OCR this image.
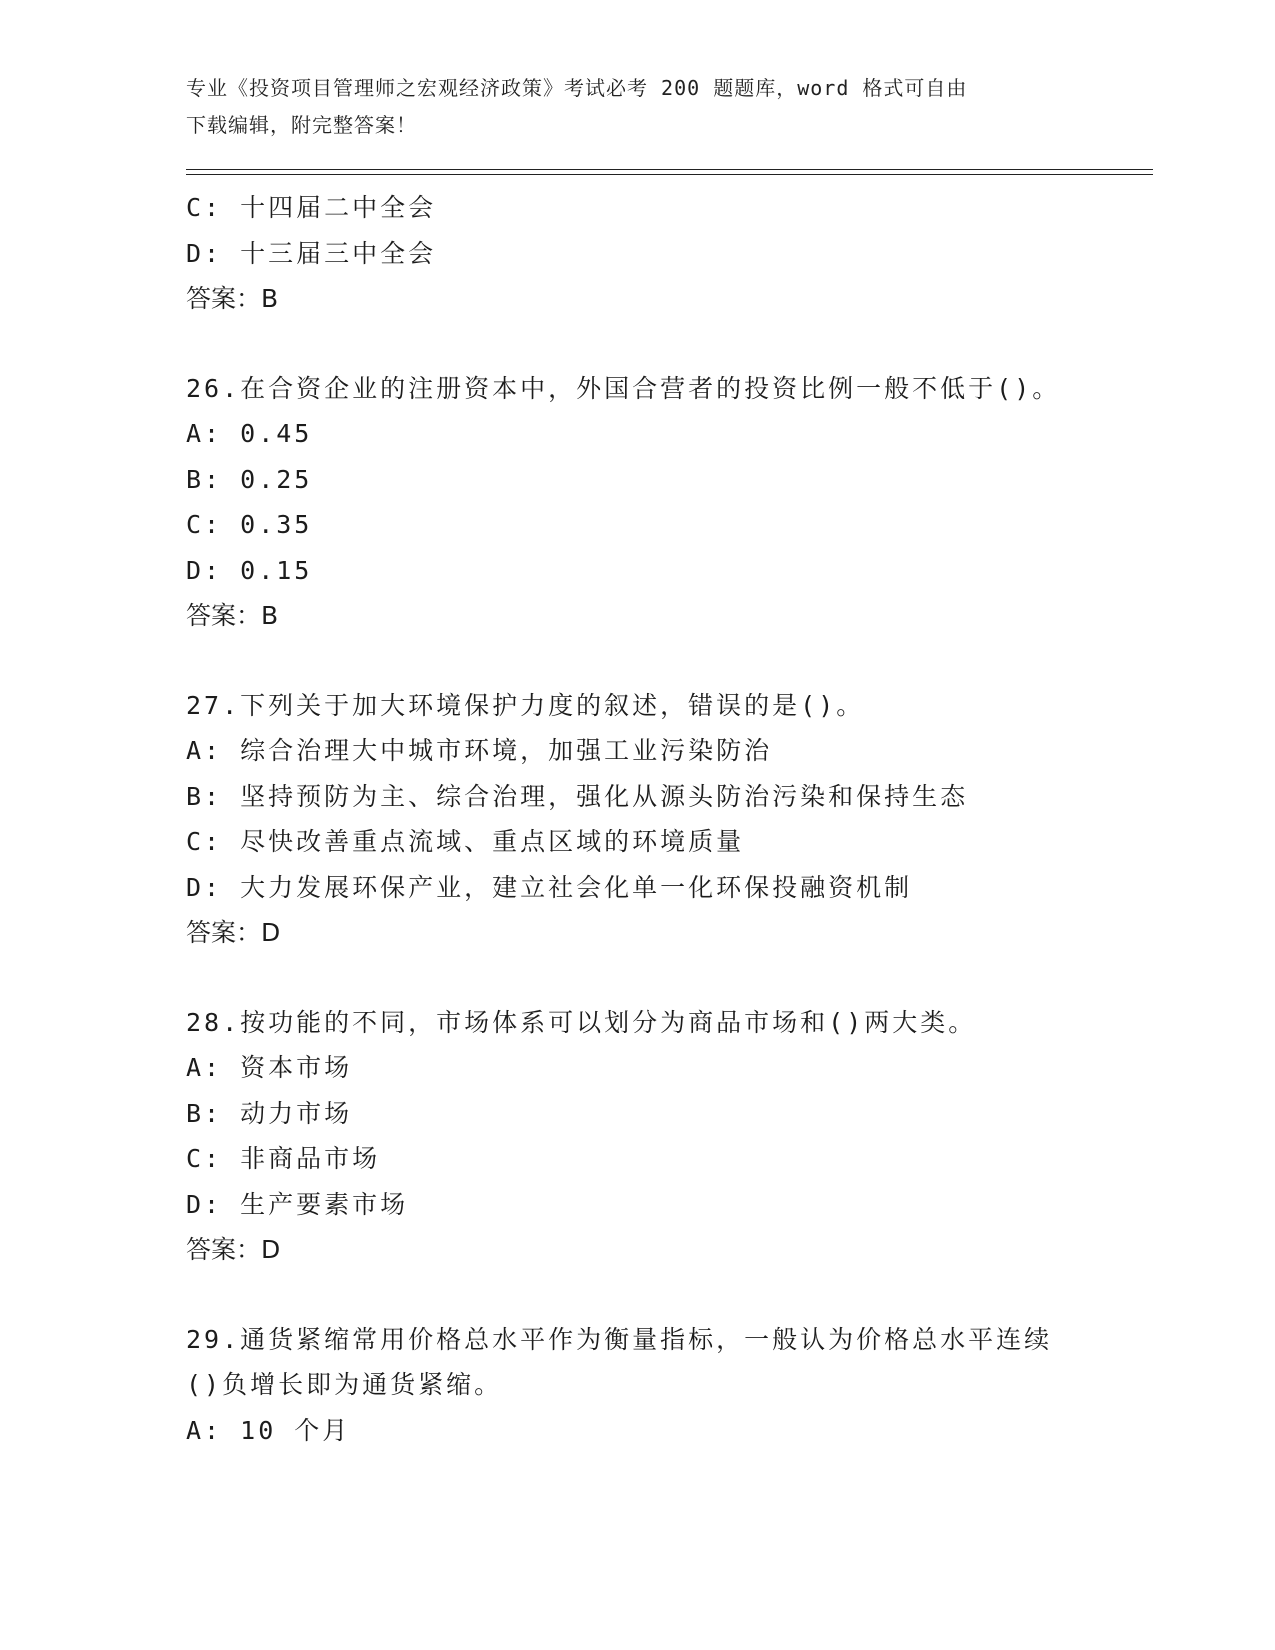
专业《投资项目管理师之宏观经济政策》考试必考 200 题题库，word 格式可自由
下载编辑，附完整答案！
C: 十四届二中全会
D: 十三届三中全会
答案：B
26.在合资企业的注册资本中，外国合营者的投资比例一般不低于()。
A: 0.45
B: 0.25
C: 0.35
D: 0.15
答案：B
27.下列关于加大环境保护力度的叙述，错误的是()。
A: 综合治理大中城市环境，加强工业污染防治
B: 坚持预防为主、综合治理，强化从源头防治污染和保持生态
C: 尽快改善重点流域、重点区域的环境质量
D: 大力发展环保产业，建立社会化单一化环保投融资机制
答案：D
28.按功能的不同，市场体系可以划分为商品市场和()两大类。
A: 资本市场
B: 动力市场
C: 非商品市场
D: 生产要素市场
答案：D
29.通货紧缩常用价格总水平作为衡量指标，一般认为价格总水平连续
()负增长即为通货紧缩。
A: 10 个月
